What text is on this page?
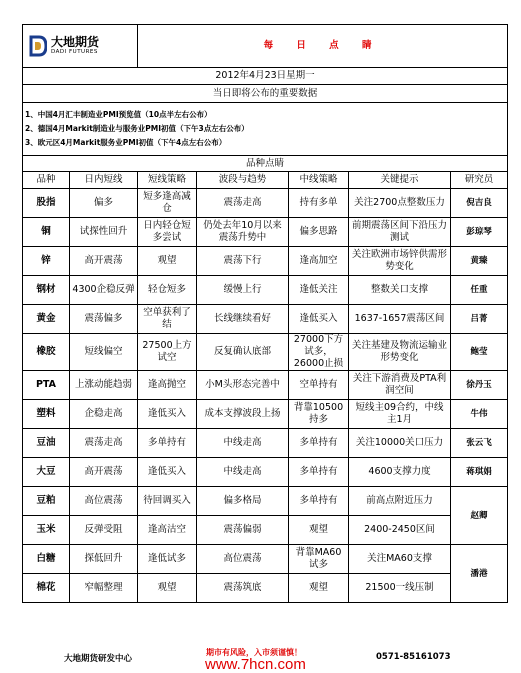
大地期货
DADI FUTURES		每 日 点 睛				
2012年4月23日星期一						
当日即将公布的重要数据						

1、中国4月汇丰制造业PMI预览值（10点半左右公布）
2、德国4月Markit制造业与服务业PMI初值（下午3点左右公布）
3、欧元区4月Markit服务业PMI初值（下午4点左右公布）						

品种点睛						
品种	日内短线	短线策略	波段与趋势	中线策略	关键提示	研究员
股指	偏多	短多逢高减仓	震荡走高	持有多单	关注2700点整数压力	倪吉良
铜	试探性回升	日内轻仓短多尝试	仍处去年10月以来震荡升势中	偏多思路	前期震荡区间下沿压力测试	彭琼琴
锌	高开震荡	观望	震荡下行	逢高加空	关注欧洲市场锌供需形势变化	黄臻
钢材	4300企稳反弹	轻仓短多	缓慢上行	逢低关注	整数关口支撑	任重
黄金	震荡偏多	空单获利了结	长线继续看好	逢低买入	1637-1657震荡区间	吕菁
橡胶	短线偏空	27500上方试空	反复确认底部	27000下方试多，26000止损	关注基建及物流运输业形势变化	鲍莹
PTA	上涨动能趋弱	逢高抛空	小M头形态完善中	空单持有	关注下游消费及PTA利润空间	徐丹玉
塑料	企稳走高	逢低买入	成本支撑波段上扬	背靠10500持多	短线主09合约，中线主1月	牛伟
豆油	震荡走高	多单持有	中线走高	多单持有	关注10000关口压力	张云飞
大豆	高开震荡	逢低买入	中线走高	多单持有	4600支撑力度	蒋琪娟
豆粕	高位震荡	待回调买入	偏多格局	多单持有	前高点附近压力	赵卿
玉米	反弹受阻	逢高沽空	震荡偏弱	观望	2400-2450区间	
白糖	探低回升	逢低试多	高位震荡	背靠MA60试多	关注MA60支撑	潘港
棉花	窄幅整理	观望	震荡筑底	观望	21500一线压制	
大地期货研发中心
期市有风险，入市须谨慎！
www.7hcn.com	0571-85161073
